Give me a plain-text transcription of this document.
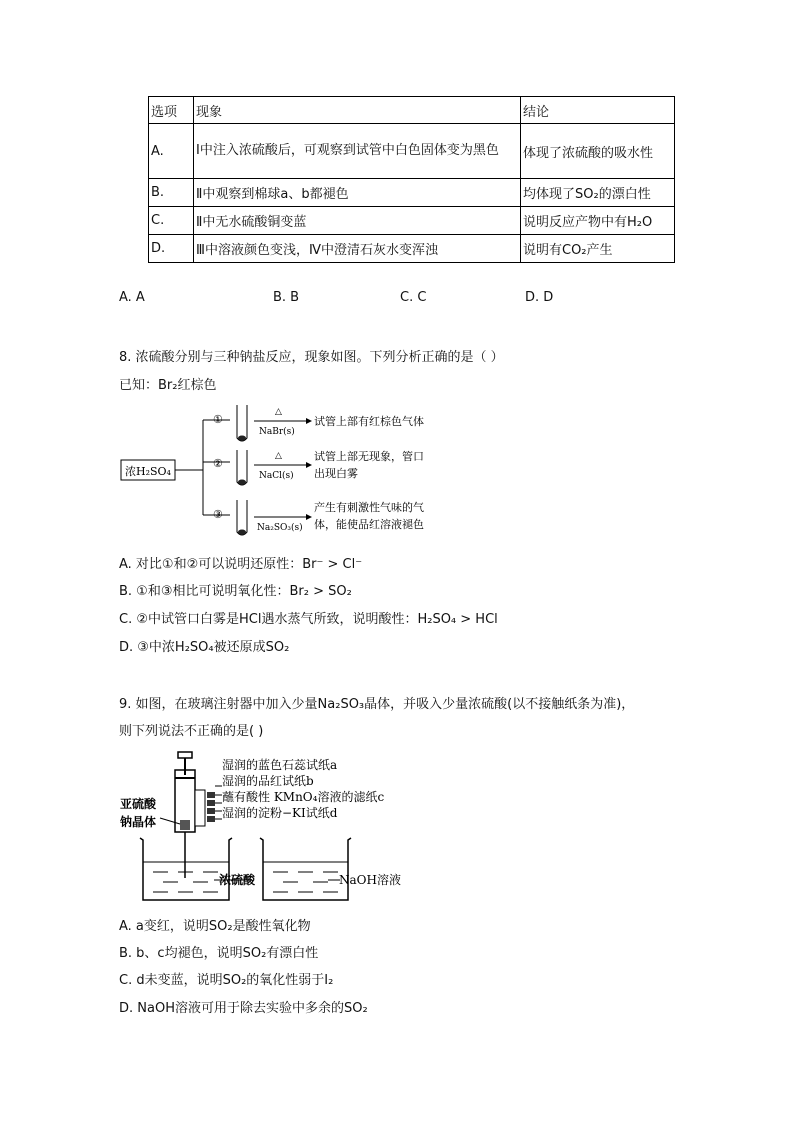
选项	现象	结论
A.	Ⅰ中注入浓硫酸后，可观察到试管中白色固体变为黑色	体现了浓硫酸的吸水性
B.	Ⅱ中观察到棉球a、b都褪色	均体现了SO₂的漂白性
C.	Ⅱ中无水硫酸铜变蓝	说明反应产物中有H₂O
D.	Ⅲ中溶液颜色变浅，Ⅳ中澄清石灰水变浑浊	说明有CO₂产生
A. A	B. B	C. C	D. D
8. 浓硫酸分别与三种钠盐反应，现象如图。下列分析正确的是（ ）
已知：Br₂红棕色
浓H₂SO₄
①
△
NaBr(s)
试管上部有红棕色气体
②
△
NaCl(s)
试管上部无现象，管口
出现白雾
③
Na₂SO₃(s)
产生有刺激性气味的气
体，能使品红溶液褪色
A. 对比①和②可以说明还原性：Br⁻ > Cl⁻
B. ①和③相比可说明氧化性：Br₂ > SO₂
C. ②中试管口白雾是HCl遇水蒸气所致，说明酸性：H₂SO₄ > HCl
D. ③中浓H₂SO₄被还原成SO₂
9. 如图，在玻璃注射器中加入少量Na₂SO₃晶体，并吸入少量浓硫酸(以不接触纸条为准)，
则下列说法不正确的是( )
湿润的蓝色石蕊试纸a
湿润的品红试纸b
蘸有酸性 KMnO₄溶液的滤纸c
湿润的淀粉−KI试纸d
亚硫酸
钠晶体
浓硫酸	NaOH溶液
A. a变红，说明SO₂是酸性氧化物
B. b、c均褪色，说明SO₂有漂白性
C. d未变蓝，说明SO₂的氧化性弱于I₂
D. NaOH溶液可用于除去实验中多余的SO₂
